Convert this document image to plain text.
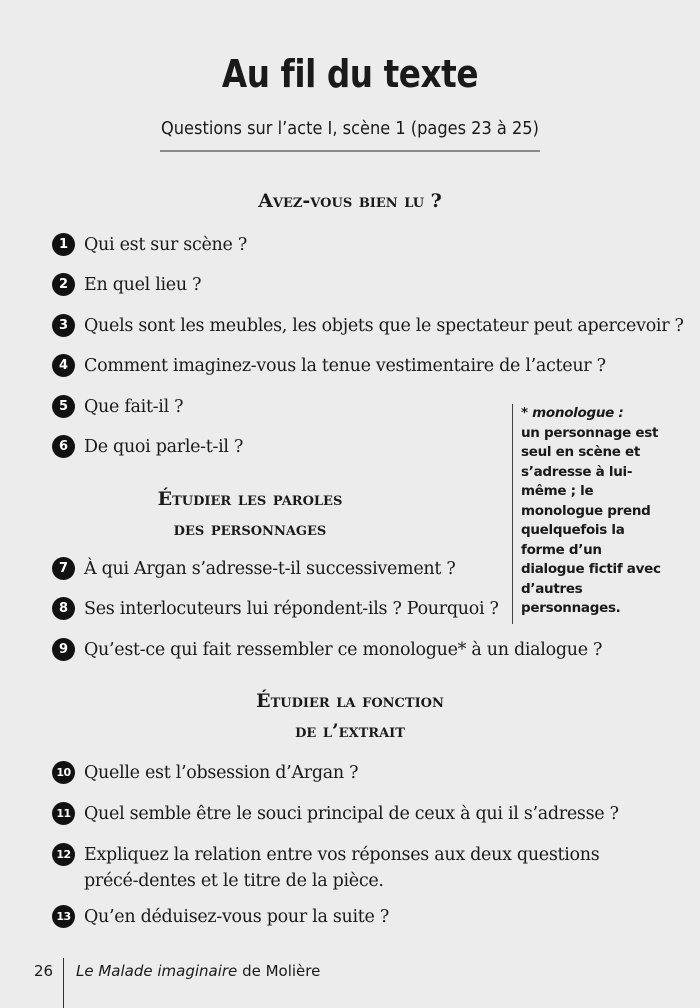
Au fil du texte
Questions sur l’acte I, scène 1 (pages 23 à 25)
Avez-vous bien lu ?
1 Qui est sur scène ?
2 En quel lieu ?
3 Quels sont les meubles, les objets que le spectateur peut apercevoir ?
4 Comment imaginez-vous la tenue vestimentaire de l’acteur ?
5 Que fait-il ?
6 De quoi parle-t-il ?
* monologue :
un personnage est seul en scène et s’adresse à lui-même ; le monologue prend quelquefois la forme d’un dialogue fictif avec d’autres personnages.
Étudier les paroles
des personnages
7 À qui Argan s’adresse-t-il successivement ?
8 Ses interlocuteurs lui répondent-ils ? Pourquoi ?
9 Qu’est-ce qui fait ressembler ce monologue* à un dialogue ?
Étudier la fonction
de l’extrait
10 Quelle est l’obsession d’Argan ?
11 Quel semble être le souci principal de ceux à qui il s’adresse ?
12 Expliquez la relation entre vos réponses aux deux questions précé-dentes et le titre de la pièce.
13 Qu’en déduisez-vous pour la suite ?
26 Le Malade imaginaire de Molière
